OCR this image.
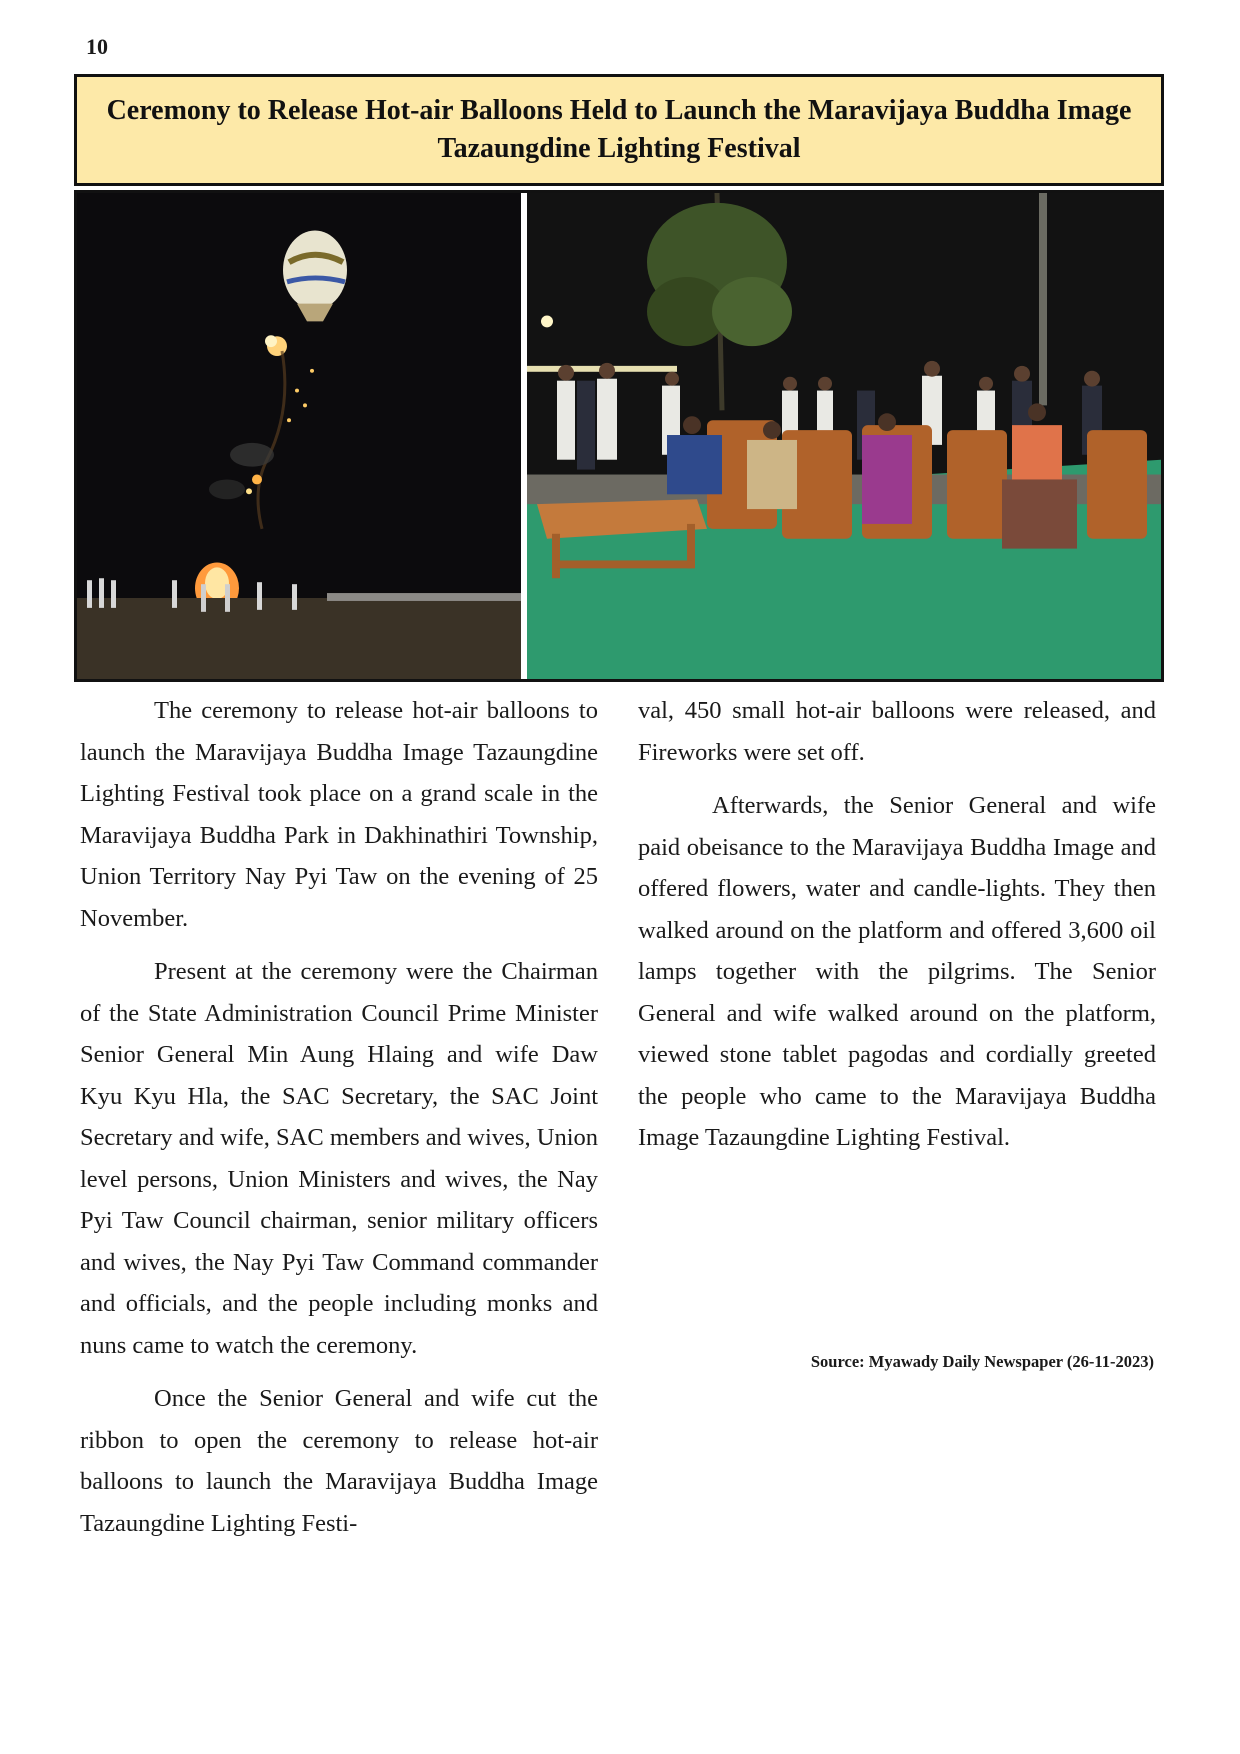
10
Ceremony to Release Hot-air Balloons Held to Launch the Maravijaya Buddha Image Tazaungdine Lighting Festival

The ceremony to release hot-air balloons to launch the Maravijaya Buddha Image Tazaungdine Lighting Festival took place on a grand scale in the Maravijaya Buddha Park in Dakhinathiri Township, Union Territory Nay Pyi Taw on the evening of 25 November.

Present at the ceremony were the Chairman of the State Administration Council Prime Minister Senior General Min Aung Hlaing and wife Daw Kyu Kyu Hla, the SAC Secretary, the SAC Joint Secretary and wife, SAC members and wives, Union level persons, Union Ministers and wives, the Nay Pyi Taw Council chairman, senior military officers and wives, the Nay Pyi Taw Command commander and officials, and the people including monks and nuns came to watch the ceremony.

Once the Senior General and wife cut the ribbon to open the ceremony to release hot-air balloons to launch the Maravijaya Buddha Image Tazaungdine Lighting Festi-

val, 450 small hot-air balloons were released, and Fireworks were set off.

Afterwards, the Senior General and wife paid obeisance to the Maravijaya Buddha Image and offered flowers, water and candle-lights. They then walked around on the platform and offered 3,600 oil lamps together with the pilgrims. The Senior General and wife walked around on the platform, viewed stone tablet pagodas and cordially greeted the people who came to the Maravijaya Buddha Image Tazaungdine Lighting Festival.

Source: Myawady Daily Newspaper (26-11-2023)
